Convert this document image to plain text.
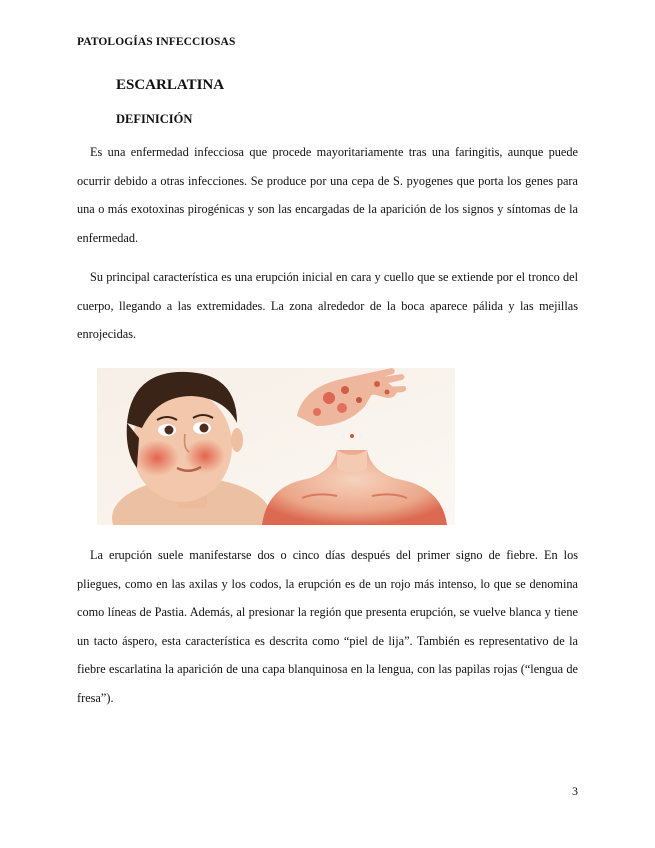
PATOLOGÍAS INFECCIOSAS
ESCARLATINA
DEFINICIÓN

Es una enfermedad infecciosa que procede mayoritariamente tras una faringitis, aunque puede ocurrir debido a otras infecciones. Se produce por una cepa de S. pyogenes que porta los genes para una o más exotoxinas pirogénicas y son las encargadas de la aparición de los signos y síntomas de la enfermedad.

Su principal característica es una erupción inicial en cara y cuello que se extiende por el tronco del cuerpo, llegando a las extremidades. La zona alrededor de la boca aparece pálida y las mejillas enrojecidas.

La erupción suele manifestarse dos o cinco días después del primer signo de fiebre. En los pliegues, como en las axilas y los codos, la erupción es de un rojo más intenso, lo que se denomina como líneas de Pastia. Además, al presionar la región que presenta erupción, se vuelve blanca y tiene un tacto áspero, esta característica es descrita como “piel de lija”. También es representativo de la fiebre escarlatina la aparición de una capa blanquinosa en la lengua, con las papilas rojas (“lengua de fresa”).

3
